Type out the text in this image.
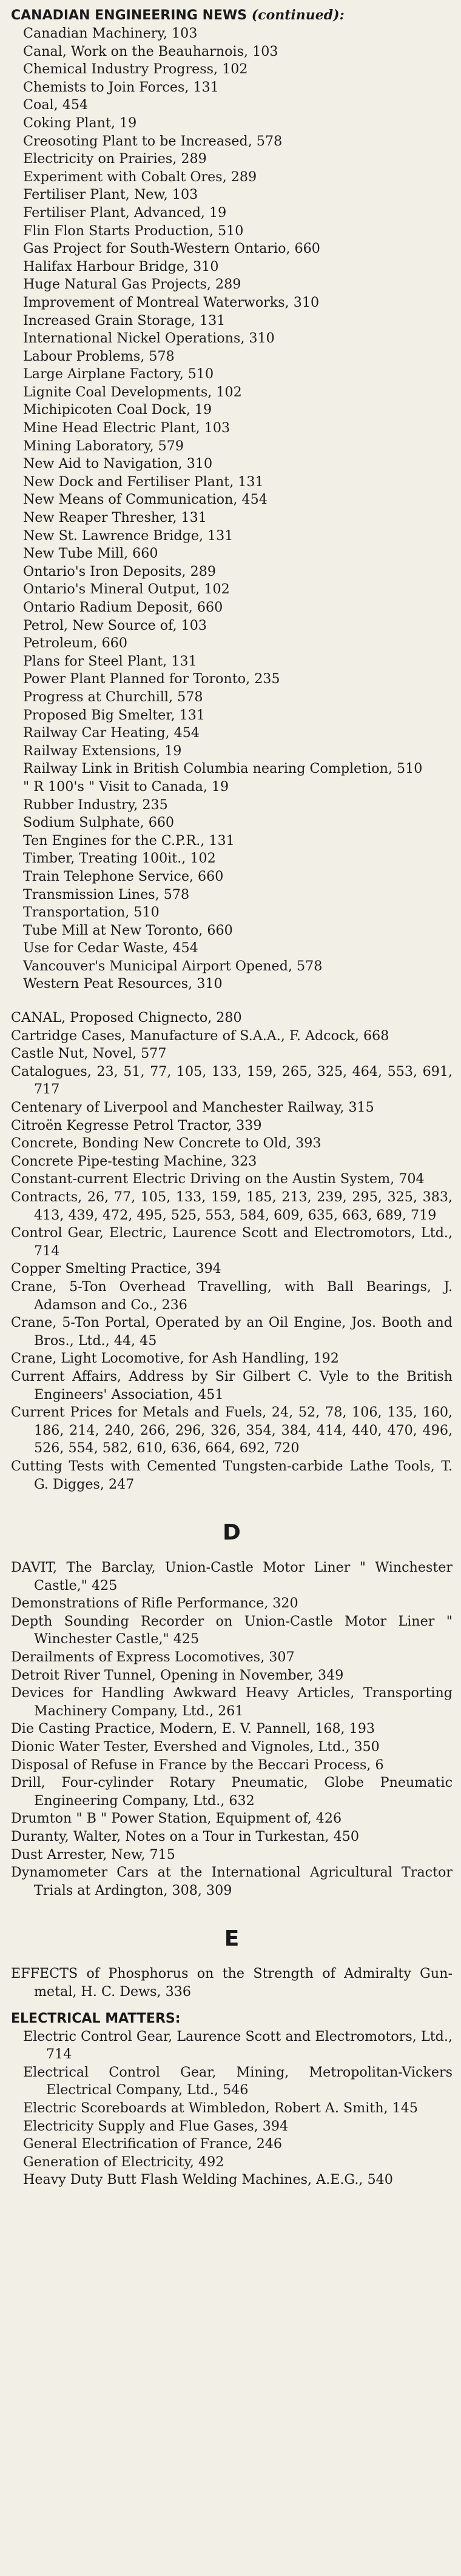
CANADIAN ENGINEERING NEWS (continued):
Canadian Machinery, 103
Canal, Work on the Beauharnois, 103
Chemical Industry Progress, 102
Chemists to Join Forces, 131
Coal, 454
Coking Plant, 19
Creosoting Plant to be Increased, 578
Electricity on Prairies, 289
Experiment with Cobalt Ores, 289
Fertiliser Plant, New, 103
Fertiliser Plant, Advanced, 19
Flin Flon Starts Production, 510
Gas Project for South-Western Ontario, 660
Halifax Harbour Bridge, 310
Huge Natural Gas Projects, 289
Improvement of Montreal Waterworks, 310
Increased Grain Storage, 131
International Nickel Operations, 310
Labour Problems, 578
Large Airplane Factory, 510
Lignite Coal Developments, 102
Michipicoten Coal Dock, 19
Mine Head Electric Plant, 103
Mining Laboratory, 579
New Aid to Navigation, 310
New Dock and Fertiliser Plant, 131
New Means of Communication, 454
New Reaper Thresher, 131
New St. Lawrence Bridge, 131
New Tube Mill, 660
Ontario's Iron Deposits, 289
Ontario's Mineral Output, 102
Ontario Radium Deposit, 660
Petrol, New Source of, 103
Petroleum, 660
Plans for Steel Plant, 131
Power Plant Planned for Toronto, 235
Progress at Churchill, 578
Proposed Big Smelter, 131
Railway Car Heating, 454
Railway Extensions, 19
Railway Link in British Columbia nearing Completion, 510
" R 100's " Visit to Canada, 19
Rubber Industry, 235
Sodium Sulphate, 660
Ten Engines for the C.P.R., 131
Timber, Treating 100it., 102
Train Telephone Service, 660
Transmission Lines, 578
Transportation, 510
Tube Mill at New Toronto, 660
Use for Cedar Waste, 454
Vancouver's Municipal Airport Opened, 578
Western Peat Resources, 310
CANAL, Proposed Chignecto, 280
Cartridge Cases, Manufacture of S.A.A., F. Adcock, 668
Castle Nut, Novel, 577
Catalogues, 23, 51, 77, 105, 133, 159, 265, 325, 464, 553, 691, 717
Centenary of Liverpool and Manchester Railway, 315
Citroën Kegresse Petrol Tractor, 339
Concrete, Bonding New Concrete to Old, 393
Concrete Pipe-testing Machine, 323
Constant-current Electric Driving on the Austin System, 704
Contracts, 26, 77, 105, 133, 159, 185, 213, 239, 295, 325, 383, 413, 439, 472, 495, 525, 553, 584, 609, 635, 663, 689, 719
Control Gear, Electric, Laurence Scott and Electromotors, Ltd., 714
Copper Smelting Practice, 394
Crane, 5-Ton Overhead Travelling, with Ball Bearings, J. Adamson and Co., 236
Crane, 5-Ton Portal, Operated by an Oil Engine, Jos. Booth and Bros., Ltd., 44, 45
Crane, Light Locomotive, for Ash Handling, 192
Current Affairs, Address by Sir Gilbert C. Vyle to the British Engineers' Association, 451
Current Prices for Metals and Fuels, 24, 52, 78, 106, 135, 160, 186, 214, 240, 266, 296, 326, 354, 384, 414, 440, 470, 496, 526, 554, 582, 610, 636, 664, 692, 720
Cutting Tests with Cemented Tungsten-carbide Lathe Tools, T. G. Digges, 247
D
DAVIT, The Barclay, Union-Castle Motor Liner " Winchester Castle," 425
Demonstrations of Rifle Performance, 320
Depth Sounding Recorder on Union-Castle Motor Liner " Winchester Castle," 425
Derailments of Express Locomotives, 307
Detroit River Tunnel, Opening in November, 349
Devices for Handling Awkward Heavy Articles, Transporting Machinery Company, Ltd., 261
Die Casting Practice, Modern, E. V. Pannell, 168, 193
Dionic Water Tester, Evershed and Vignoles, Ltd., 350
Disposal of Refuse in France by the Beccari Process, 6
Drill, Four-cylinder Rotary Pneumatic, Globe Pneumatic Engineering Company, Ltd., 632
Drumton " B " Power Station, Equipment of, 426
Duranty, Walter, Notes on a Tour in Turkestan, 450
Dust Arrester, New, 715
Dynamometer Cars at the International Agricultural Tractor Trials at Ardington, 308, 309
E
EFFECTS of Phosphorus on the Strength of Admiralty Gun-metal, H. C. Dews, 336
ELECTRICAL MATTERS:
Electric Control Gear, Laurence Scott and Electromotors, Ltd., 714
Electrical Control Gear, Mining, Metropolitan-Vickers Electrical Company, Ltd., 546
Electric Scoreboards at Wimbledon, Robert A. Smith, 145
Electricity Supply and Flue Gases, 394
General Electrification of France, 246
Generation of Electricity, 492
Heavy Duty Butt Flash Welding Machines, A.E.G., 540
